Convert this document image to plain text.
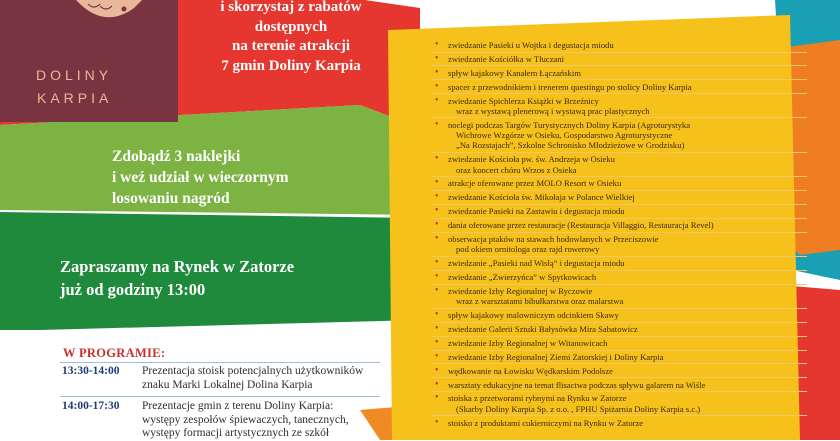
DOLINY
KARPIA
i skorzystaj z rabatów
dostępnych
na terenie atrakcji
7 gmin Doliny Karpia
Zdobądź 3 naklejki
i weź udział w wieczornym
losowaniu nagród
Zapraszamy na Rynek w Zatorze
już od godziny 13:00
W PROGRAMIE:
13:30-14:00	Prezentacja stoisk potencjalnych użytkowników
znaku Marki Lokalnej Dolina Karpia
14:00-17:30	Prezentacje gmin z terenu Doliny Karpia:
występy zespołów śpiewaczych, tanecznych,
występy formacji artystycznych ze szkół
• zwiedzanie Pasieki u Wojtka i degustacja miodu
• zwiedzanie Kościółka w Tłuczani
• spływ kajakowy Kanałem Łączańskim
• spacer z przewodnikiem i trenerem questingu po stolicy Doliny Karpia
• zwiedzanie Spichlerza Książki w Brzeźnicy
wraz z wystawą plenerową i wystawą prac plastycznych
• noclegi podczas Targów Turystycznych Doliny Karpia (Agroturystyka
Wichrowe Wzgórze w Osieku, Gospodarstwo Agroturystyczne
„Na Rozstajach”, Szkolne Schronisko Młodzieżowe w Grodzisku)
• zwiedzanie Kościoła pw. św. Andrzeja w Osieku
oraz koncert chóru Wrzos z Osieka
• atrakcje oferowane przez MOLO Resort w Osieku
• zwiedzanie Kościoła św. Mikołaja w Polance Wielkiej
• zwiedzanie Pasieki na Zastawiu i degustacja miodu
• dania oferowane przez restauracje (Restauracja Villaggio, Restauracja Revel)
• obserwacja ptaków na stawach hodowlanych w Przeciszowie
pod okiem ornitologa oraz rajd rowerowy
• zwiedzanie „Pasieki nad Wisłą” i degustacja miodu
• zwiedzanie „Zwierzyńca” w Spytkowicach
• zwiedzanie Izby Regionalnej w Ryczowie
wraz z warsztatami bibułkarstwa oraz malarstwa
• spływ kajakowy malowniczym odcinkiem Skawy
• zwiedzanie Galerii Sztuki Bałysówka Mira Sabatowicz
• zwiedzanie Izby Regionalnej w Witanowicach
• zwiedzanie Izby Regionalnej Ziemi Zatorskiej i Doliny Karpia
• wędkowanie na Łowisku Wędkarskim Podolsze
• warsztaty edukacyjne na temat flisactwa podczas spływu galarem na Wiśle
• stoiska z przetworami rybnymi na Rynku w Zatorze
(Skarby Doliny Karpia Sp. z o.o. , FPHU Spiżarnia Doliny Karpia s.c.)
• stoisko z produktami cukierniczymi na Rynku w Zatorze
